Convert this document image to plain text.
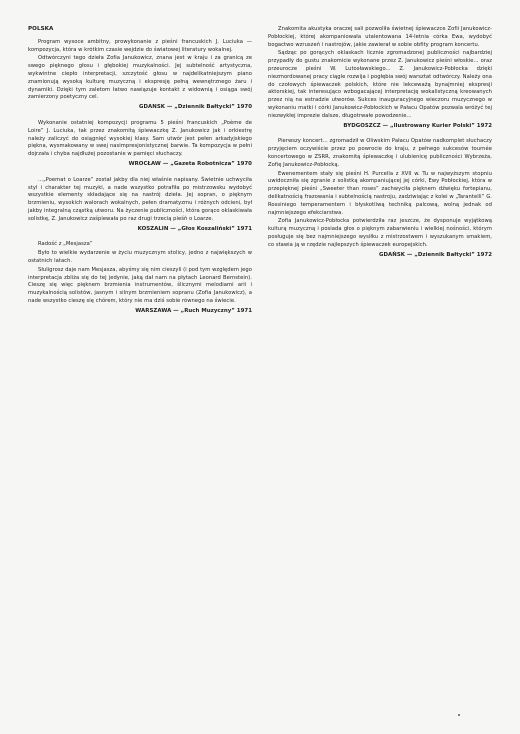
POLSKA
Program wysoce ambitny, prowykonanie z pieśni francuskich J. Luciuka — kompozycja, która w krótkim czasie wejdzie do światowej literatury wokalnej.
Odtwórczyni tego dzieła Zofia Janukowicz, znana jest w kraju i za granicą ze swego pięknego głosu i głębokiej muzykalności. Jej subtelność artystyczna, wykwintne ciepło interpretacji, szczytość głosu w najdelikatniejszym piano znamionują wysoką kulturę muzyczną i ekspresję pełną wewnętrznego żaru i dynamiki. Dzięki tym zaletom łatwo nawiązuje kontakt z widownią i osiąga swój zamierzony poetyczny cel.
GDANSK — „Dziennik Bałtycki” 1970
Wykonanie ostatniej kompozycji programu 5 pieśni francuskich „Poème de Loire” J. Luciuka, tak przez znakomitą śpiewaczkę Z. Janukowicz jak i orkiestrę należy zaliczyć do osiągnięć wysokiej klasy. Sam utwór jest pełen arkadyjskiego piękna, wysmakowany w swej nasimpresjonistycznej barwie. Ta kompozycja w pełni dojrzała i chyba najdłużej pozostanie w pamięci słuchaczy.
WROCŁAW — „Gazeta Robotnicza” 1970
...„Poemat o Loarze” został jakby dla niej właśnie napisany. Świetnie uchwyciła styl i charakter tej muzyki, a nade wszystko potrafiła po mistrzowsku wydobyć wszystkie elementy składające się na nastrój dzieła. Jej sopran, o pięknym brzmieniu, wysokich walorach wokalnych, pełen dramatyzmu i różnych odcieni, był jakby integralną cząstką utworu. Na życzenie publiczności, która gorąco oklaskiwała solistkę, Z. Janukowicz zaśpiewała po raz drugi trzecią pieśń o Loarze.
KOSZALIN — „Głos Koszaliński” 1971
Radość z „Mesjasza”
Było to wielkie wydarzenie w życiu muzycznym stolicy, jedno z największych w ostatnich latach.
Słuligrosz daje nam Mesjasza, abyśmy się nim cieszyli (i pod tym względem jego interpretacja zbliża się do tej jedynie, jaką dał nam na płytach Leonard Bernstein). Cieszę się więc pięknem brzmienia instrumentów, ślicznymi melodiami arii i muzykalnością solistów, jasnym i silnym brzmieniem sopranu (Zofia Janukowicz), a nade wszystko cieszę się chórem, który nie ma dziś sobie równego na świecie.
WARSZAWA — „Ruch Muzyczny” 1971
Znakomita akustyka oraczej sali pozwoliła świetnej śpiewaczce Zofii Janukowicz-Pobłockiej, której akompaniowała utalentowana 14-letnia córka Ewa, wydobyć bogactwo wzruszeń i nastrojów, jakie zawierał w sobie obfity program koncertu.
Sądząc po gorących oklaskach licznie zgromadzonej publiczności najbardziej przypadły do gustu znakomicie wykonane przez Z. Janukowicz pieśni włoskie... oraz przeurocze pieśni W. Lutosławskiego... Z. Janukowicz-Pobłocka dzięki niezmordowanej pracy ciągle rozwija i pogłębia swój warsztat odtwórczy. Należy ona do czołowych śpiewaczek polskich, które nie lekceważą bynajmniej ekspresji aktorskiej, tak interesująco wzbogacającej interpretację wokalistyczną kreowanych przez nią na estradzie utworów. Sukces inauguracyjnego wieczoru muzycznego w wykonaniu matki i córki Janukowicz-Pobłockich w Pałacu Opatów pozwala wróżyć tej niezwykłej imprezie dalsze, długotrwałe powodzenie...
BYDGOSZCZ — „Ilustrowany Kurier Polski” 1972
Pierwszy koncert... zgromadził w Oliwskim Pałacu Opatów nadkomplet słuchaczy przyjęciem oczywiście przez po powrocie do kraju, z pełnego sukcesów tournée koncertowego w ZSRR, znakomitą śpiewaczkę i ulubienicę publiczności Wybrzeża, Zofię Janukowicz-Pobłocką.
Ewenementem stały się pieśni H. Purcella z XVII w. Tu w najwyższym stopniu uwidoczniła się zgranie z solistką akompaniującej jej córki, Ewy Pobłockiej, która w przepięknej pieśni „Sweeter than roses” zachwyciła pięknem dźwięku fortepianu, delikatnością frazowania i subtelnością nastroju, zadziwiając z kolei w „Tarantelli” G. Rossiniego temperamentem i błyskotliwą techniką palcową, wolną jednak od najmniejszego efekciarstwa.
Zofia Janukowicz-Pobłocka potwierdziła raz jeszcze, że dysponuje wyjątkową kulturą muzyczną i posiada głos o pięknym zabarwieniu i wielkiej nośności, którym posługuje się bez najmniejszego wysiłku z mistrzostwem i wyszukanym smakiem, co stawia ją w rzędzie najlepszych śpiewaczek europejskich.
GDAŃSK — „Dziennik Bałtycki” 1972
